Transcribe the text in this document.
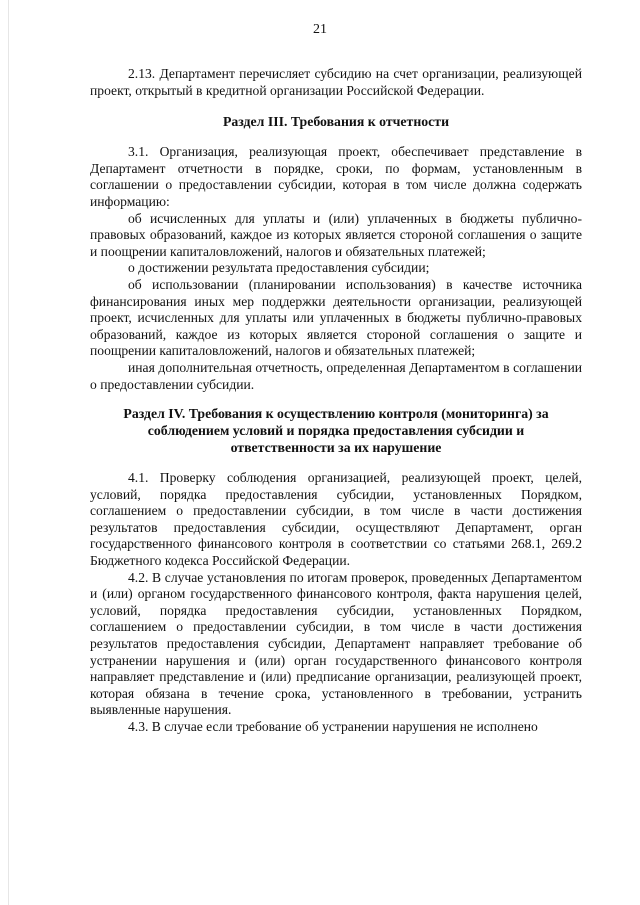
21

2.13. Департамент перечисляет субсидию на счет организации, реализующей проект, открытый в кредитной организации Российской Федерации.

Раздел III. Требования к отчетности

3.1. Организация, реализующая проект, обеспечивает представление в Департамент отчетности в порядке, сроки, по формам, установленным в соглашении о предоставлении субсидии, которая в том числе должна содержать информацию:

об исчисленных для уплаты и (или) уплаченных в бюджеты публично-правовых образований, каждое из которых является стороной соглашения о защите и поощрении капиталовложений, налогов и обязательных платежей;

о достижении результата предоставления субсидии;

об использовании (планировании использования) в качестве источника финансирования иных мер поддержки деятельности организации, реализующей проект, исчисленных для уплаты или уплаченных в бюджеты публично-правовых образований, каждое из которых является стороной соглашения о защите и поощрении капиталовложений, налогов и обязательных платежей;

иная дополнительная отчетность, определенная Департаментом в соглашении о предоставлении субсидии.

Раздел IV. Требования к осуществлению контроля (мониторинга) за соблюдением условий и порядка предоставления субсидии и ответственности за их нарушение

4.1. Проверку соблюдения организацией, реализующей проект, целей, условий, порядка предоставления субсидии, установленных Порядком, соглашением о предоставлении субсидии, в том числе в части достижения результатов предоставления субсидии, осуществляют Департамент, орган государственного финансового контроля в соответствии со статьями 268.1, 269.2 Бюджетного кодекса Российской Федерации.

4.2. В случае установления по итогам проверок, проведенных Департаментом и (или) органом государственного финансового контроля, факта нарушения целей, условий, порядка предоставления субсидии, установленных Порядком, соглашением о предоставлении субсидии, в том числе в части достижения результатов предоставления субсидии, Департамент направляет требование об устранении нарушения и (или) орган государственного финансового контроля направляет представление и (или) предписание организации, реализующей проект, которая обязана в течение срока, установленного в требовании, устранить выявленные нарушения.

4.3. В случае если требование об устранении нарушения не исполнено
